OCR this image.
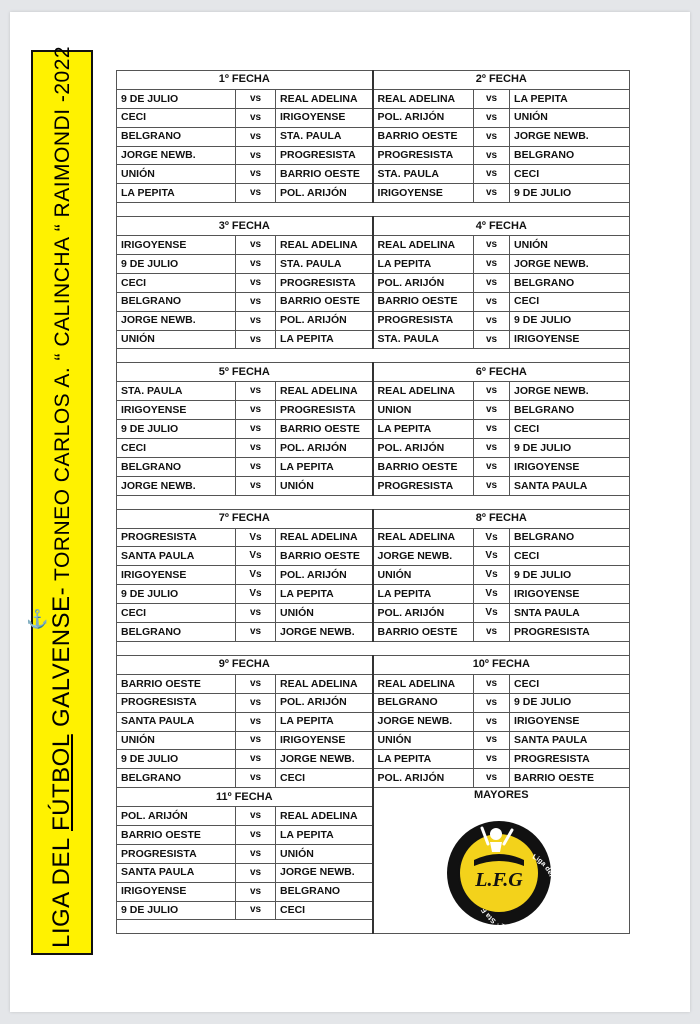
LIGA DEL FÚTBOL GALVENSE- TORNEO CARLOS A. “ CALINCHA “ RAIMONDI -2022
⚓
1º FECHA			2º FECHA		
9 DE JULIO	vs	REAL ADELINA	REAL ADELINA	vs	LA PEPITA
CECI	vs	IRIGOYENSE	POL. ARIJÓN	vs	UNIÓN
BELGRANO	vs	STA. PAULA	BARRIO OESTE	vs	JORGE NEWB.
JORGE NEWB.	vs	PROGRESISTA	PROGRESISTA	vs	BELGRANO
UNIÓN	vs	BARRIO OESTE	STA. PAULA	vs	CECI
LA PEPITA	vs	POL. ARIJÓN	IRIGOYENSE	vs	9 DE JULIO

3º FECHA			4º FECHA		
IRIGOYENSE	vs	REAL ADELINA	REAL ADELINA	vs	UNIÓN
9 DE JULIO	vs	STA. PAULA	LA PEPITA	vs	JORGE NEWB.
CECI	vs	PROGRESISTA	POL. ARIJÓN	vs	BELGRANO
BELGRANO	vs	BARRIO OESTE	BARRIO OESTE	vs	CECI
JORGE NEWB.	vs	POL. ARIJÓN	PROGRESISTA	vs	9 DE JULIO
UNIÓN	vs	LA PEPITA	STA. PAULA	vs	IRIGOYENSE

5º FECHA			6º FECHA		
STA. PAULA	vs	REAL ADELINA	REAL ADELINA	vs	JORGE NEWB.
IRIGOYENSE	vs	PROGRESISTA	UNION	vs	BELGRANO
9 DE JULIO	vs	BARRIO OESTE	LA PEPITA	vs	CECI
CECI	vs	POL. ARIJÓN	POL. ARIJÓN	vs	9 DE JULIO
BELGRANO	vs	LA PEPITA	BARRIO OESTE	vs	IRIGOYENSE
JORGE NEWB.	vs	UNIÓN	PROGRESISTA	vs	SANTA PAULA

7º FECHA			8º FECHA		
PROGRESISTA	Vs	REAL ADELINA	REAL ADELINA	Vs	BELGRANO
SANTA PAULA	Vs	BARRIO OESTE	JORGE NEWB.	Vs	CECI
IRIGOYENSE	Vs	POL. ARIJÓN	UNIÓN	Vs	9 DE JULIO
9 DE JULIO	Vs	LA PEPITA	LA PEPITA	Vs	IRIGOYENSE
CECI	vs	UNIÓN	POL. ARIJÓN	Vs	SNTA PAULA
BELGRANO	vs	JORGE NEWB.	BARRIO OESTE	vs	PROGRESISTA

9º FECHA			10º FECHA		
BARRIO OESTE	vs	REAL ADELINA	REAL ADELINA	vs	CECI
PROGRESISTA	vs	POL. ARIJÓN	BELGRANO	vs	9 DE JULIO
SANTA PAULA	vs	LA PEPITA	JORGE NEWB.	vs	IRIGOYENSE
UNIÓN	vs	IRIGOYENSE	UNIÓN	vs	SANTA PAULA
9 DE JULIO	vs	JORGE NEWB.	LA PEPITA	vs	PROGRESISTA
BELGRANO	vs	CECI	POL. ARIJÓN	vs	BARRIO OESTE
11º FECHA			MAYORES
L.F.G
Liga del alvense · Galvez · Sta F		

POL. ARIJÓN	vs	REAL ADELINA			
BARRIO OESTE	vs	LA PEPITA			
PROGRESISTA	vs	UNIÓN			
SANTA PAULA	vs	JORGE NEWB.			
IRIGOYENSE	vs	BELGRANO			
9 DE JULIO	vs	CECI			
